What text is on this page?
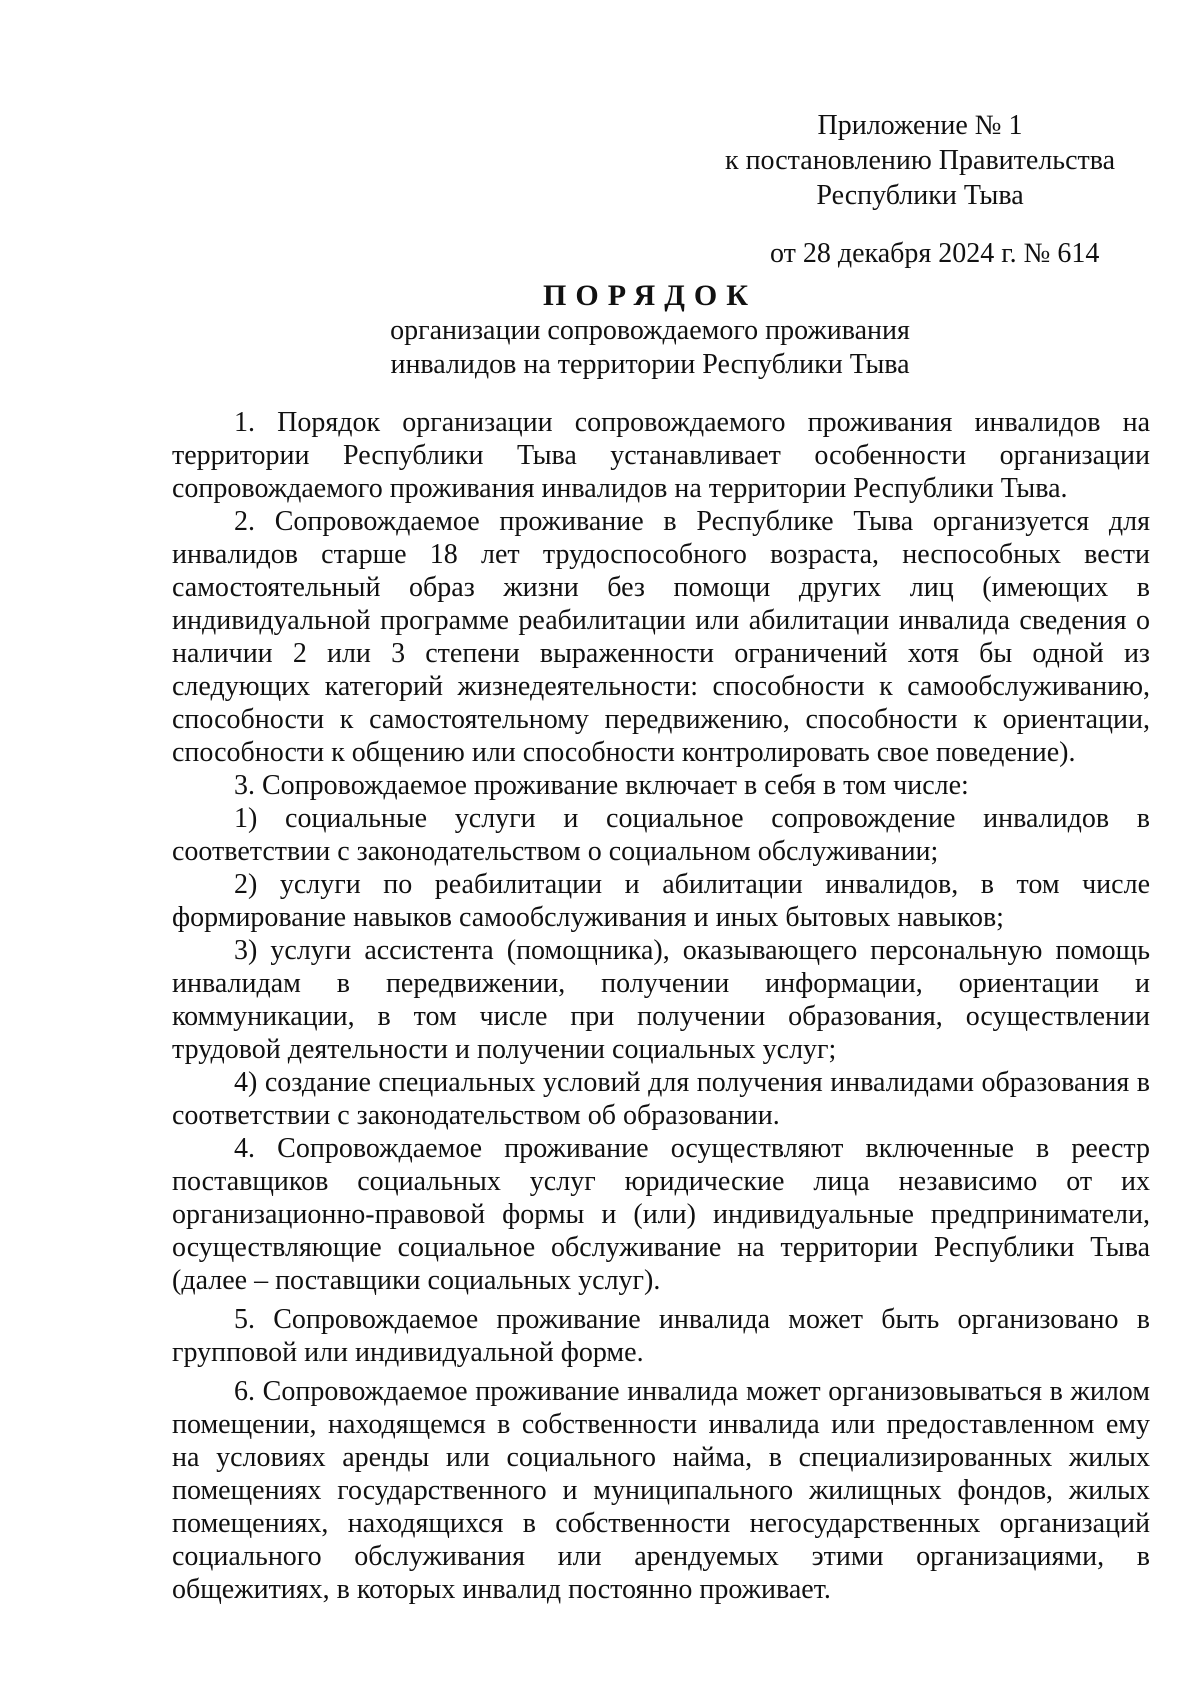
Приложение № 1
к постановлению Правительства
Республики Тыва
от 28 декабря 2024 г. № 614
ПОРЯДОК
организации сопровождаемого проживания
инвалидов на территории Республики Тыва

1. Порядок организации сопровождаемого проживания инвалидов на территории Республики Тыва устанавливает особенности организации сопровождаемого проживания инвалидов на территории Республики Тыва.

2. Сопровождаемое проживание в Республике Тыва организуется для инвалидов старше 18 лет трудоспособного возраста, неспособных вести самостоятельный образ жизни без помощи других лиц (имеющих в индивидуальной программе реабилитации или абилитации инвалида сведения о наличии 2 или 3 степени выраженности ограничений хотя бы одной из следующих категорий жизнедеятельности: способности к самообслуживанию, способности к самостоятельному передвижению, способности к ориентации, способности к общению или способности контролировать свое поведение).

3. Сопровождаемое проживание включает в себя в том числе:

1) социальные услуги и социальное сопровождение инвалидов в соответствии с законодательством о социальном обслуживании;

2) услуги по реабилитации и абилитации инвалидов, в том числе формирование навыков самообслуживания и иных бытовых навыков;

3) услуги ассистента (помощника), оказывающего персональную помощь инвалидам в передвижении, получении информации, ориентации и коммуникации, в том числе при получении образования, осуществлении трудовой деятельности и получении социальных услуг;

4) создание специальных условий для получения инвалидами образования в соответствии с законодательством об образовании.

4. Сопровождаемое проживание осуществляют включенные в реестр поставщиков социальных услуг юридические лица независимо от их организационно-правовой формы и (или) индивидуальные предприниматели, осуществляющие социальное обслуживание на территории Республики Тыва (далее – поставщики социальных услуг).

5. Сопровождаемое проживание инвалида может быть организовано в групповой или индивидуальной форме.

6. Сопровождаемое проживание инвалида может организовываться в жилом помещении, находящемся в собственности инвалида или предоставленном ему на условиях аренды или социального найма, в специализированных жилых помещениях государственного и муниципального жилищных фондов, жилых помещениях, находящихся в собственности негосударственных организаций социального обслуживания или арендуемых этими организациями, в общежитиях, в которых инвалид постоянно проживает.
